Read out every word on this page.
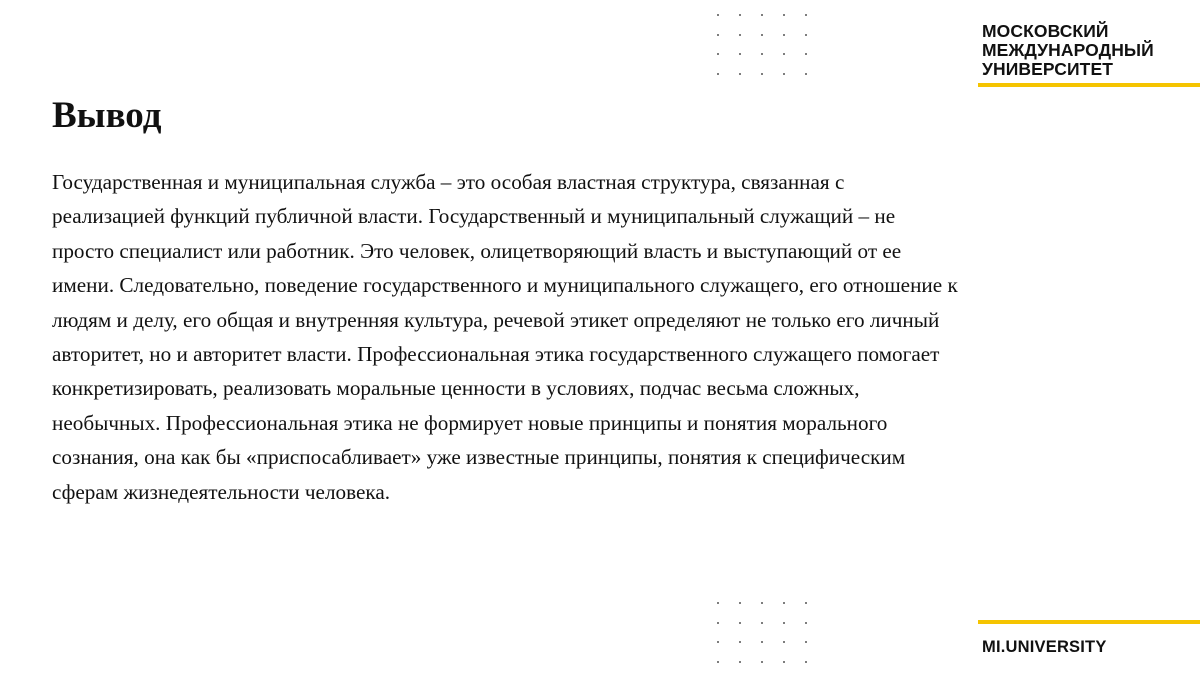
МОСКОВСКИЙ
МЕЖДУНАРОДНЫЙ
УНИВЕРСИТЕТ
Вывод
Государственная и муниципальная служба – это особая властная структура, связанная с
реализацией функций публичной власти. Государственный и муниципальный служащий – не
просто специалист или работник. Это человек, олицетворяющий власть и выступающий от ее
имени. Следовательно, поведение государственного и муниципального служащего, его отношение к
людям и делу, его общая и внутренняя культура, речевой этикет определяют не только его личный
авторитет, но и авторитет власти. Профессиональная этика государственного служащего помогает
конкретизировать, реализовать моральные ценности в условиях, подчас весьма сложных,
необычных. Профессиональная этика не формирует новые принципы и понятия морального
сознания, она как бы «приспосабливает» уже известные принципы, понятия к специфическим
сферам жизнедеятельности человека.
MI.UNIVERSITY
